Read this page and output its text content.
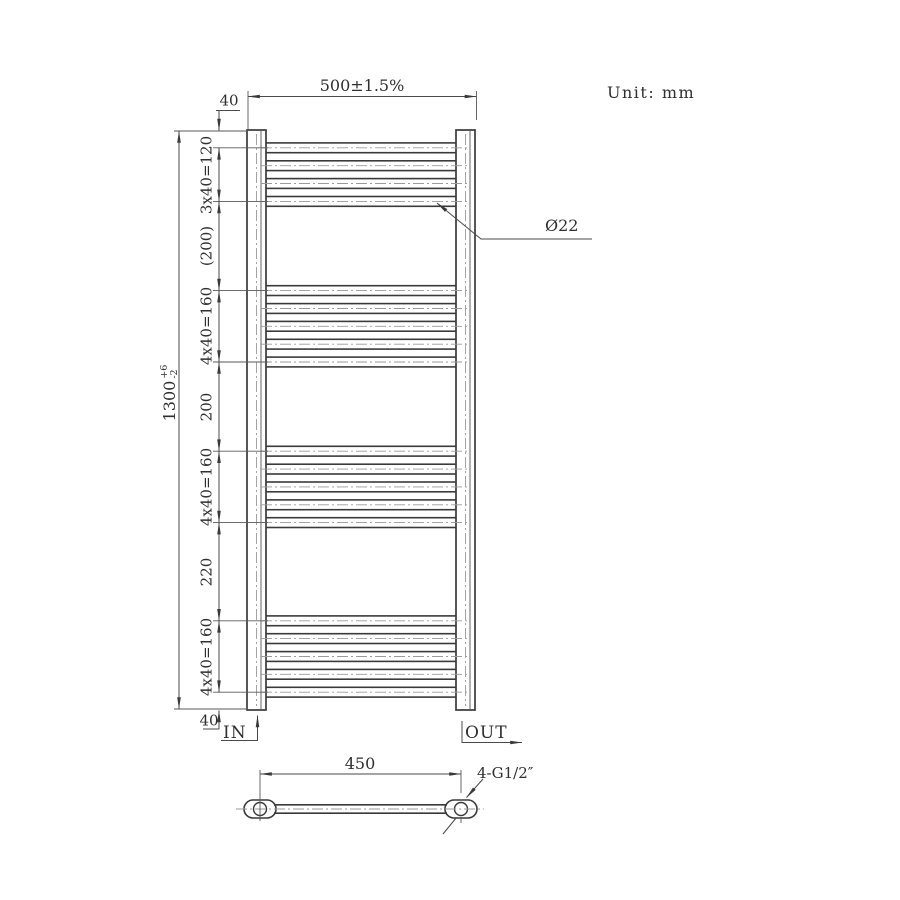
500±1.5%	Unit: mm
40
1300
+6
-2
3x40=120
(200)
4x40=160
200
4x40=160
220
4x40=160
40
Ø22
IN	OUT
450	4-G1/2″
